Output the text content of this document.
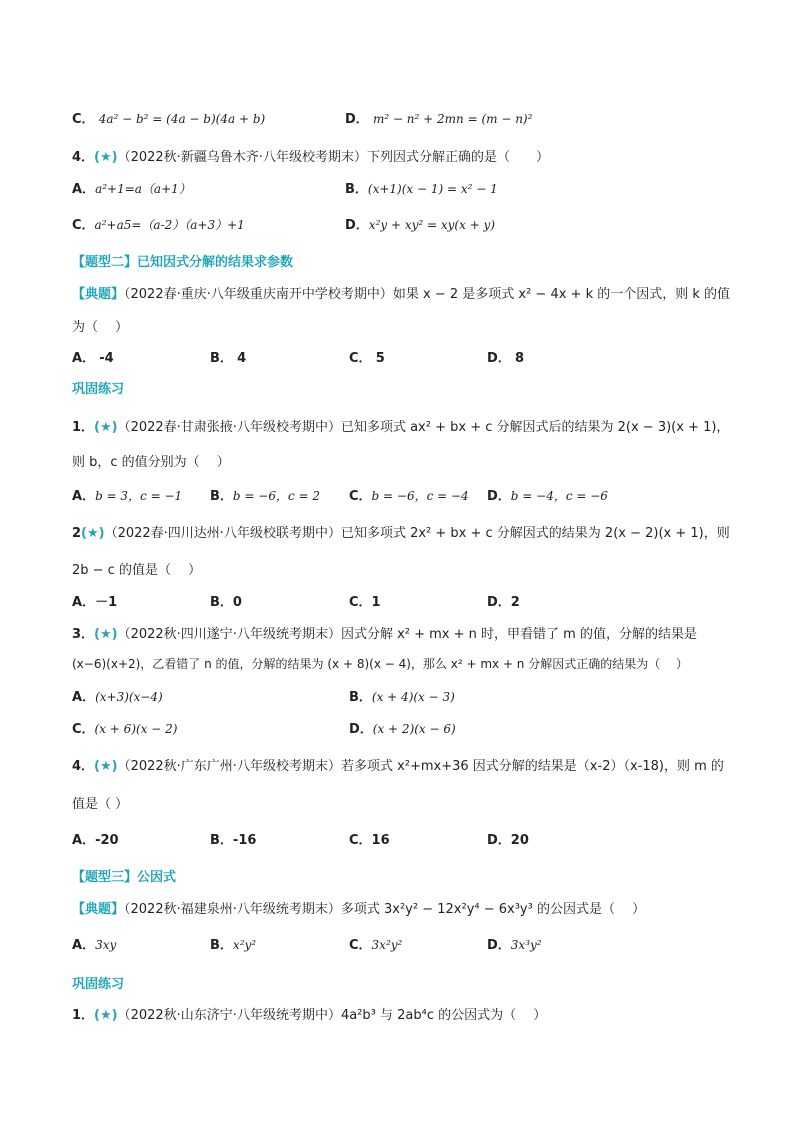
C． 4a² − b² = (4a − b)(4a + b)	D． m² − n² + 2mn = (m − n)²
4．(★)（2022秋·新疆乌鲁木齐·八年级校考期末）下列因式分解正确的是（　　）
A．a²+1=a（a+1）	B．(x+1)(x − 1) = x² − 1
C．a²+a5=（a-2）（a+3）+1	D．x²y + xy² = xy(x + y)
【题型二】已知因式分解的结果求参数
【典题】（2022春·重庆·八年级重庆南开中学校考期中）如果 x − 2 是多项式 x² − 4x + k 的一个因式，则 k 的值
为（　 ）
A． -4	B． 4	C． 5	D． 8
巩固练习
1．(★)（2022春·甘肃张掖·八年级校考期中）已知多项式 ax² + bx + c 分解因式后的结果为 2(x − 3)(x + 1)，
则 b，c 的值分别为（　 ）
A．b = 3，c = −1 B．b = −6，c = 2 C．b = −6，c = −4 D．b = −4，c = −6
2(★)（2022春·四川达州·八年级校联考期中）已知多项式 2x² + bx + c 分解因式的结果为 2(x − 2)(x + 1)，则
2b − c 的值是（　 ）
A．－1	B．0	C．1	D．2
3．(★)（2022秋·四川遂宁·八年级统考期末）因式分解 x² + mx + n 时，甲看错了 m 的值，分解的结果是
(x−6)(x+2)，乙看错了 n 的值，分解的结果为 (x + 8)(x − 4)，那么 x² + mx + n 分解因式正确的结果为（　 ）
A．(x+3)(x−4)	B．(x + 4)(x − 3)
C．(x + 6)(x − 2)	D．(x + 2)(x − 6)
4．(★)（2022秋·广东广州·八年级校考期末）若多项式 x²+mx+36 因式分解的结果是（x-2）（x-18)，则 m 的
值是（ ）
A．-20	B．-16	C．16	D．20
【题型三】公因式
【典题】（2022秋·福建泉州·八年级统考期末）多项式 3x²y² − 12x²y⁴ − 6x³y³ 的公因式是（　 ）
A．3xy	B．x²y²	C．3x²y²	D．3x³y²
巩固练习
1．(★)（2022秋·山东济宁·八年级统考期中）4a²b³ 与 2ab⁴c 的公因式为（　 ）
